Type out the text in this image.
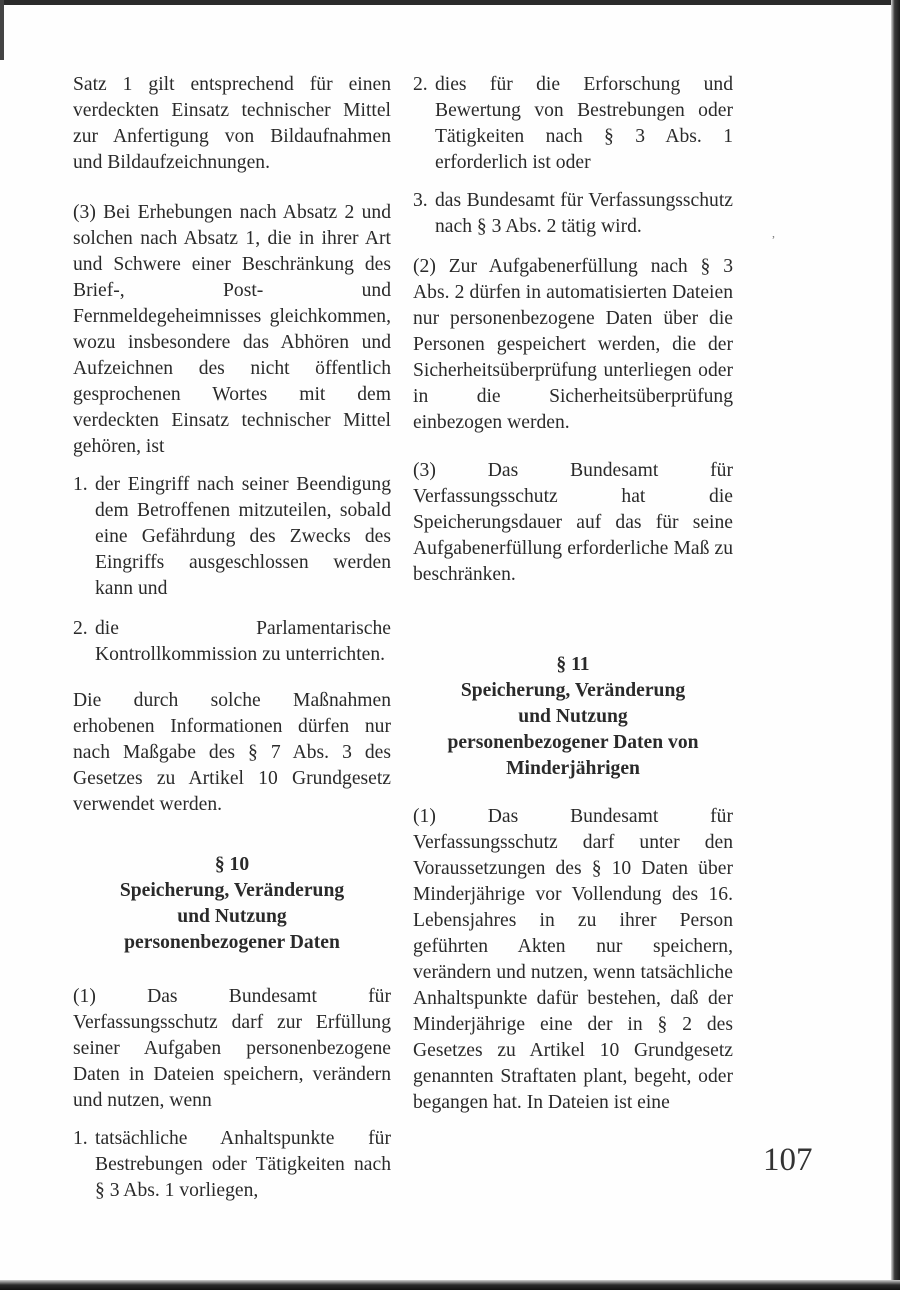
,

Satz 1 gilt entsprechend für einen verdeckten Einsatz technischer Mittel zur Anfertigung von Bildaufnahmen und Bildaufzeichnungen.

(3) Bei Erhebungen nach Absatz 2 und solchen nach Absatz 1, die in ihrer Art und Schwere einer Beschränkung des Brief-, Post- und Fernmeldegeheimnisses gleichkommen, wozu insbesondere das Abhören und Aufzeichnen des nicht öffentlich gesprochenen Wortes mit dem verdeckten Einsatz technischer Mittel gehören, ist

1. der Eingriff nach seiner Beendigung dem Betroffenen mitzuteilen, sobald eine Gefährdung des Zwecks des Eingriffs ausgeschlossen werden kann und
2. die Parlamentarische Kontrollkommission zu unterrichten.

Die durch solche Maßnahmen erhobenen Informationen dürfen nur nach Maßgabe des § 7 Abs. 3 des Gesetzes zu Artikel 10 Grundgesetz verwendet werden.

§ 10
Speicherung, Veränderung
und Nutzung
personenbezogener Daten

(1) Das Bundesamt für Verfassungsschutz darf zur Erfüllung seiner Aufgaben personenbezogene Daten in Dateien speichern, verändern und nutzen, wenn

1. tatsächliche Anhaltspunkte für Bestrebungen oder Tätigkeiten nach § 3 Abs. 1 vorliegen,
2. dies für die Erforschung und Bewertung von Bestrebungen oder Tätigkeiten nach § 3 Abs. 1 erforderlich ist oder
3. das Bundesamt für Verfassungsschutz nach § 3 Abs. 2 tätig wird.

(2) Zur Aufgabenerfüllung nach § 3 Abs. 2 dürfen in automatisierten Dateien nur personenbezogene Daten über die Personen gespeichert werden, die der Sicherheitsüberprüfung unterliegen oder in die Sicherheitsüberprüfung einbezogen werden.

(3) Das Bundesamt für Verfassungsschutz hat die Speicherungsdauer auf das für seine Aufgabenerfüllung erforderliche Maß zu beschränken.

§ 11
Speicherung, Veränderung
und Nutzung
personenbezogener Daten von
Minderjährigen

(1) Das Bundesamt für Verfassungsschutz darf unter den Voraussetzungen des § 10 Daten über Minderjährige vor Vollendung des 16. Lebensjahres in zu ihrer Person geführten Akten nur speichern, verändern und nutzen, wenn tatsächliche Anhaltspunkte dafür bestehen, daß der Minderjährige eine der in § 2 des Gesetzes zu Artikel 10 Grundgesetz genannten Straftaten plant, begeht, oder begangen hat. In Dateien ist eine

107
